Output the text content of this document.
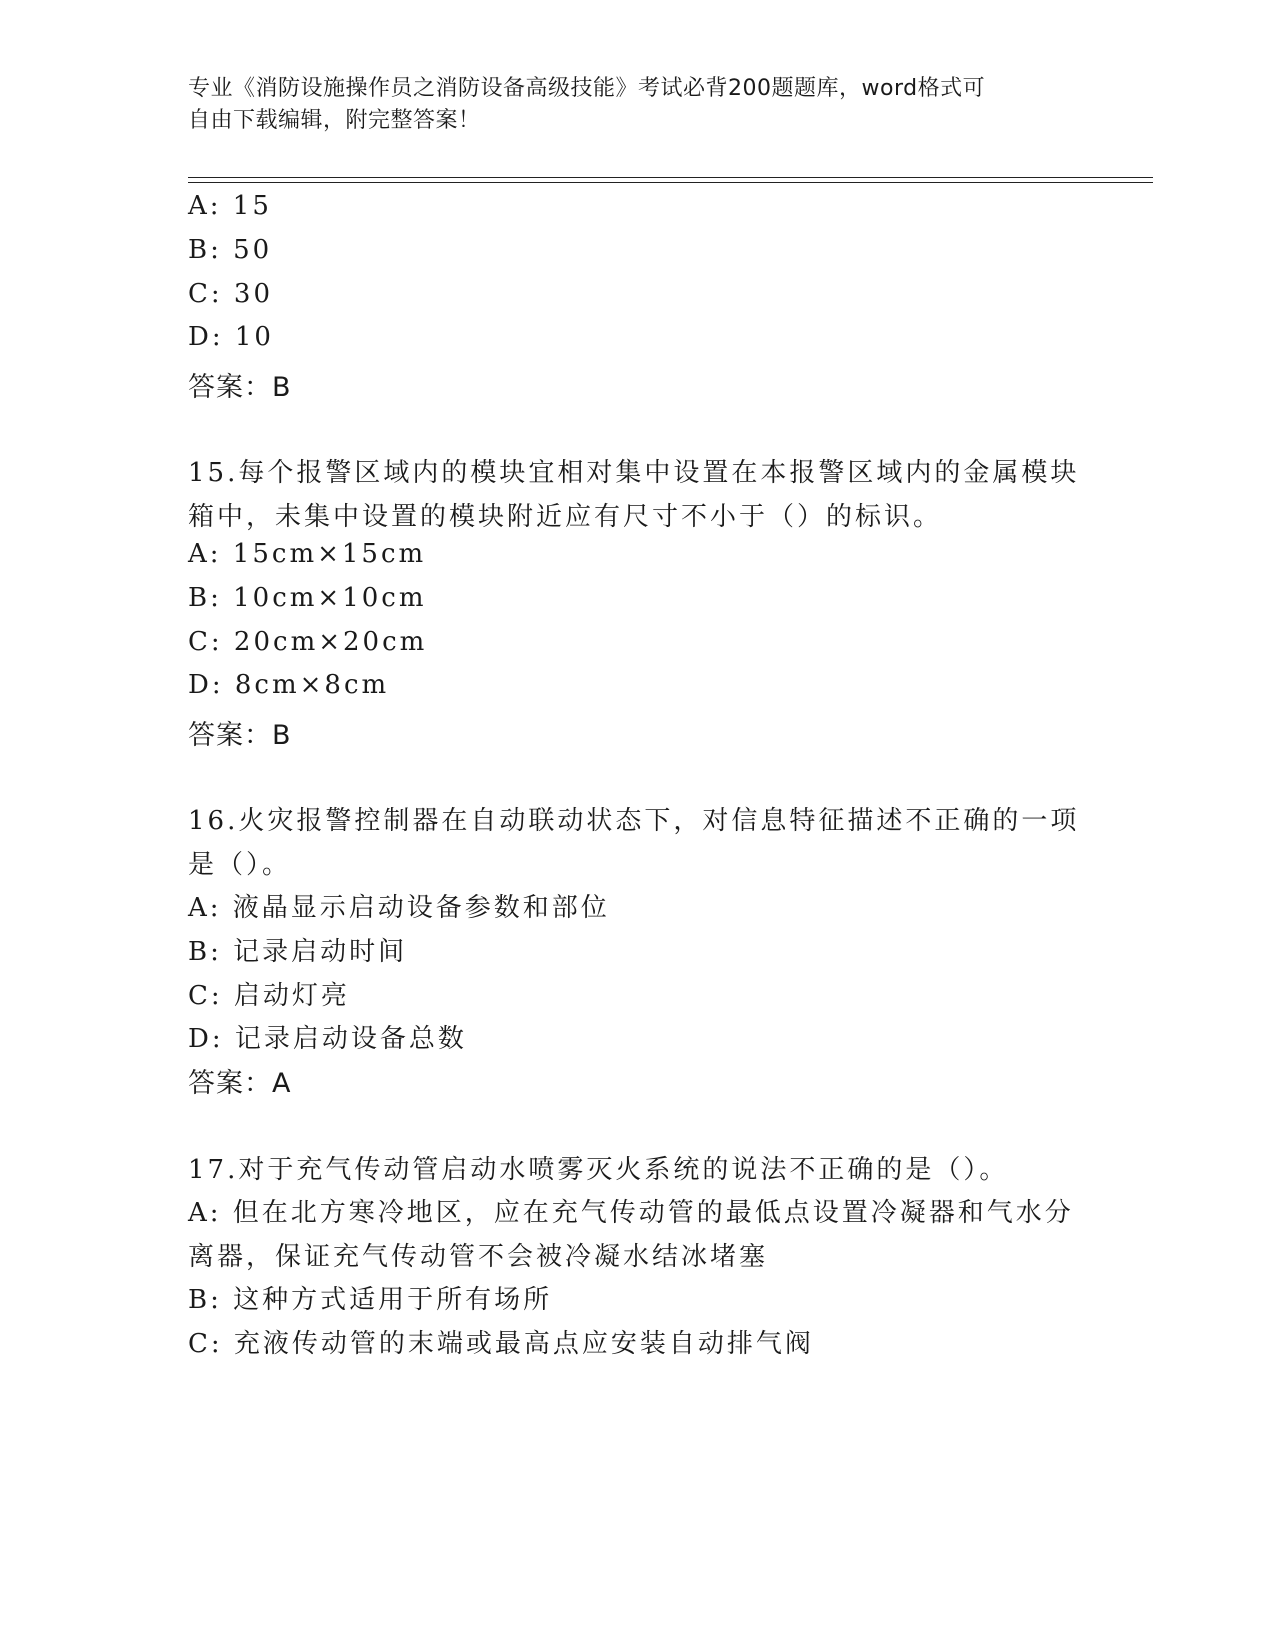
专业《消防设施操作员之消防设备高级技能》考试必背200题题库，word格式可
自由下载编辑，附完整答案！
A: 15
B: 50
C: 30
D: 10
答案：B
15.每个报警区域内的模块宜相对集中设置在本报警区域内的金属模块
箱中，未集中设置的模块附近应有尺寸不小于（）的标识。
A: 15cm×15cm
B: 10cm×10cm
C: 20cm×20cm
D: 8cm×8cm
答案：B
16.火灾报警控制器在自动联动状态下，对信息特征描述不正确的一项
是（）。
A: 液晶显示启动设备参数和部位
B: 记录启动时间
C: 启动灯亮
D: 记录启动设备总数
答案：A
17.对于充气传动管启动水喷雾灭火系统的说法不正确的是（）。
A: 但在北方寒冷地区，应在充气传动管的最低点设置冷凝器和气水分
离器，保证充气传动管不会被冷凝水结冰堵塞
B: 这种方式适用于所有场所
C: 充液传动管的末端或最高点应安装自动排气阀
